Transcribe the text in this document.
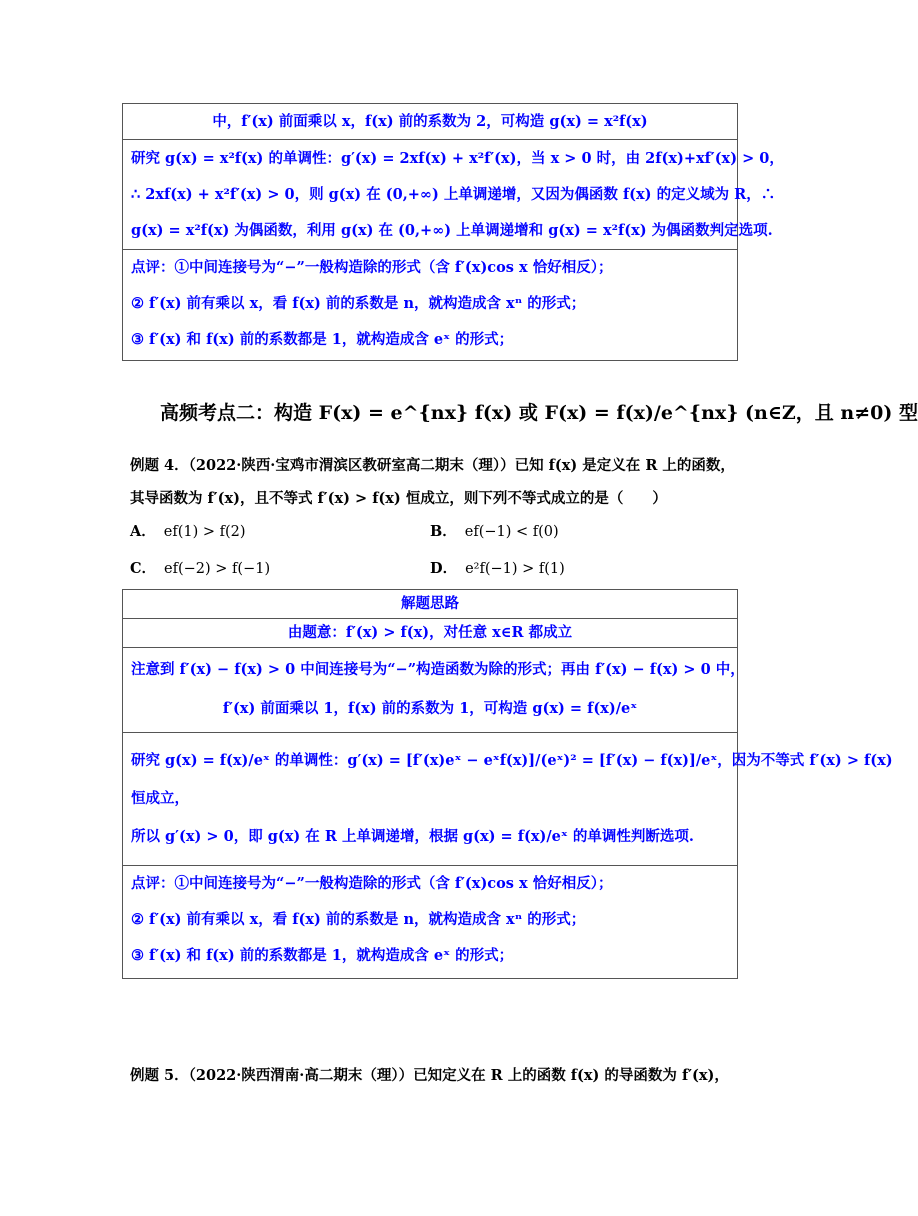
中，f′(x) 前面乘以 x，f(x) 前的系数为 2，可构造 g(x) = x²f(x)
研究 g(x) = x²f(x) 的单调性：g′(x) = 2xf(x) + x²f′(x)，当 x > 0 时，由 2f(x)+xf′(x) > 0，
∴ 2xf(x) + x²f′(x) > 0，则 g(x) 在 (0,+∞) 上单调递增，又因为偶函数 f(x) 的定义域为 R，∴
g(x) = x²f(x) 为偶函数，利用 g(x) 在 (0,+∞) 上单调递增和 g(x) = x²f(x) 为偶函数判定选项.
点评：①中间连接号为“−”一般构造除的形式（含 f′(x)cos x 恰好相反）；
② f′(x) 前有乘以 x，看 f(x) 前的系数是 n，就构造成含 xⁿ 的形式；
③ f′(x) 和 f(x) 前的系数都是 1，就构造成含 eˣ 的形式；
高频考点二：构造 F(x) = e^{nx} f(x) 或 F(x) = f(x)/e^{nx} (n∈Z，且 n≠0) 型
例题 4．（2022·陕西·宝鸡市渭滨区教研室高二期末（理））已知 f(x) 是定义在 R 上的函数，
其导函数为 f′(x)，且不等式 f′(x) > f(x) 恒成立，则下列不等式成立的是（　　）
A． ef(1) > f(2)	B． ef(−1) < f(0)
C． ef(−2) > f(−1)	D． e²f(−1) > f(1)
解题思路
由题意：f′(x) > f(x)，对任意 x∈R 都成立
注意到 f′(x) − f(x) > 0 中间连接号为“−”构造函数为除的形式；再由 f′(x) − f(x) > 0 中，
f′(x) 前面乘以 1，f(x) 前的系数为 1，可构造 g(x) = f(x)/eˣ
研究 g(x) = f(x)/eˣ 的单调性：g′(x) = [f′(x)eˣ − eˣf(x)]/(eˣ)² = [f′(x) − f(x)]/eˣ，因为不等式 f′(x) > f(x)
恒成立，
所以 g′(x) > 0，即 g(x) 在 R 上单调递增，根据 g(x) = f(x)/eˣ 的单调性判断选项.
点评：①中间连接号为“−”一般构造除的形式（含 f′(x)cos x 恰好相反）；
② f′(x) 前有乘以 x，看 f(x) 前的系数是 n，就构造成含 xⁿ 的形式；
③ f′(x) 和 f(x) 前的系数都是 1，就构造成含 eˣ 的形式；
例题 5．（2022·陕西渭南·高二期末（理））已知定义在 R 上的函数 f(x) 的导函数为 f′(x)，
